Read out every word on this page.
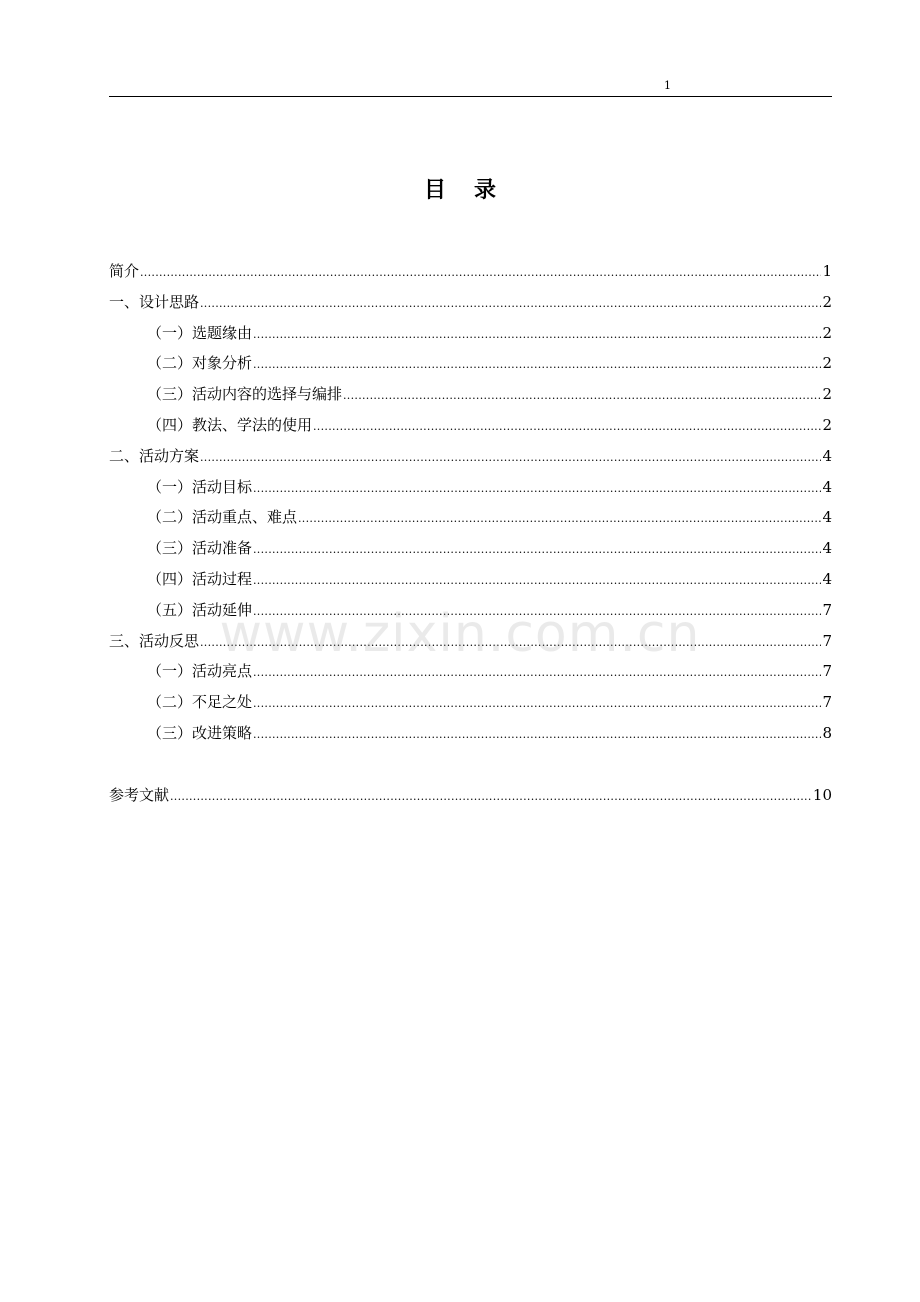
1
目 录
简介 .....	1
一、设计思路 .....	2
（一）选题缘由 .....	2
（二）对象分析 .....	2
（三）活动内容的选择与编排 .....	2
（四）教法、学法的使用 .....	2
二、活动方案 .....	4
（一）活动目标 .....	4
（二）活动重点、难点 .....	4
（三）活动准备 .....	4
（四）活动过程 .....	4
（五）活动延伸 .....	7
三、活动反思 .....	7
（一）活动亮点 .....	7
（二）不足之处 .....	7
（三）改进策略 .....	8
参考文献 .....	10
www.zixin.com.cn
